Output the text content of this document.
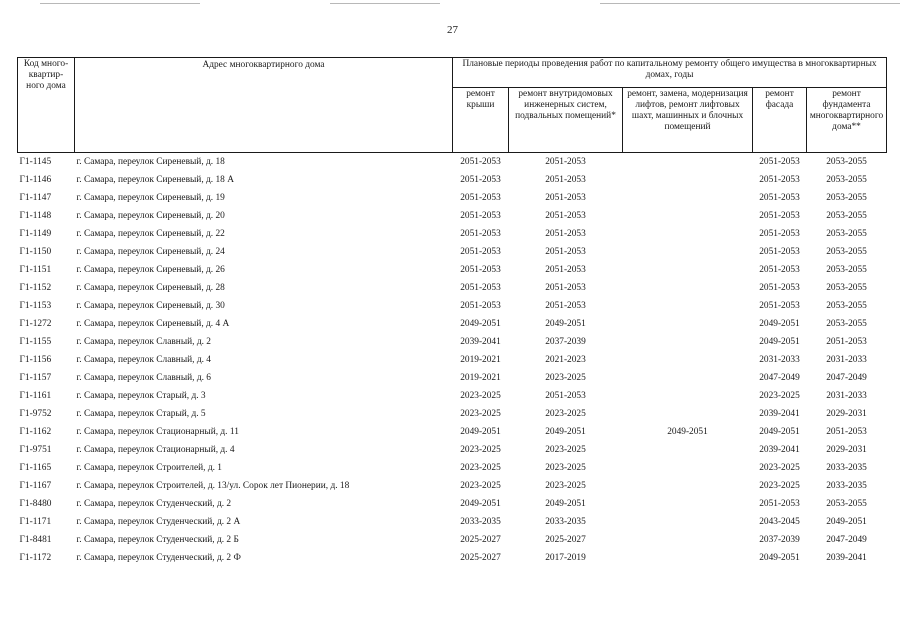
27
Код много-квартир-ного дома	Адрес многоквартирного дома	Плановые периоды проведения работ по капитальному ремонту общего имущества в многоквартирных домах, годы				
		ремонт крыши	ремонт внутридомовых инженерных систем, подвальных помещений*	ремонт, замена, модернизация лифтов, ремонт лифтовых шахт, машинных и блочных помещений	ремонт фасада	ремонт фундамента многоквартирного дома**
Г1-1145	г. Самара, переулок Сиреневый, д. 18	2051-2053	2051-2053		2051-2053	2053-2055
Г1-1146	г. Самара, переулок Сиреневый, д. 18 А	2051-2053	2051-2053		2051-2053	2053-2055
Г1-1147	г. Самара, переулок Сиреневый, д. 19	2051-2053	2051-2053		2051-2053	2053-2055
Г1-1148	г. Самара, переулок Сиреневый, д. 20	2051-2053	2051-2053		2051-2053	2053-2055
Г1-1149	г. Самара, переулок Сиреневый, д. 22	2051-2053	2051-2053		2051-2053	2053-2055
Г1-1150	г. Самара, переулок Сиреневый, д. 24	2051-2053	2051-2053		2051-2053	2053-2055
Г1-1151	г. Самара, переулок Сиреневый, д. 26	2051-2053	2051-2053		2051-2053	2053-2055
Г1-1152	г. Самара, переулок Сиреневый, д. 28	2051-2053	2051-2053		2051-2053	2053-2055
Г1-1153	г. Самара, переулок Сиреневый, д. 30	2051-2053	2051-2053		2051-2053	2053-2055
Г1-1272	г. Самара, переулок Сиреневый, д. 4 А	2049-2051	2049-2051		2049-2051	2053-2055
Г1-1155	г. Самара, переулок Славный, д. 2	2039-2041	2037-2039		2049-2051	2051-2053
Г1-1156	г. Самара, переулок Славный, д. 4	2019-2021	2021-2023		2031-2033	2031-2033
Г1-1157	г. Самара, переулок Славный, д. 6	2019-2021	2023-2025		2047-2049	2047-2049
Г1-1161	г. Самара, переулок Старый, д. 3	2023-2025	2051-2053		2023-2025	2031-2033
Г1-9752	г. Самара, переулок Старый, д. 5	2023-2025	2023-2025		2039-2041	2029-2031
Г1-1162	г. Самара, переулок Стационарный, д. 11	2049-2051	2049-2051	2049-2051	2049-2051	2051-2053
Г1-9751	г. Самара, переулок Стационарный, д. 4	2023-2025	2023-2025		2039-2041	2029-2031
Г1-1165	г. Самара, переулок Строителей, д. 1	2023-2025	2023-2025		2023-2025	2033-2035
Г1-1167	г. Самара, переулок Строителей, д. 13/ул. Сорок лет Пионерии, д. 18	2023-2025	2023-2025		2023-2025	2033-2035
Г1-8480	г. Самара, переулок Студенческий, д. 2	2049-2051	2049-2051		2051-2053	2053-2055
Г1-1171	г. Самара, переулок Студенческий, д. 2 А	2033-2035	2033-2035		2043-2045	2049-2051
Г1-8481	г. Самара, переулок Студенческий, д. 2 Б	2025-2027	2025-2027		2037-2039	2047-2049
Г1-1172	г. Самара, переулок Студенческий, д. 2 Ф	2025-2027	2017-2019		2049-2051	2039-2041
